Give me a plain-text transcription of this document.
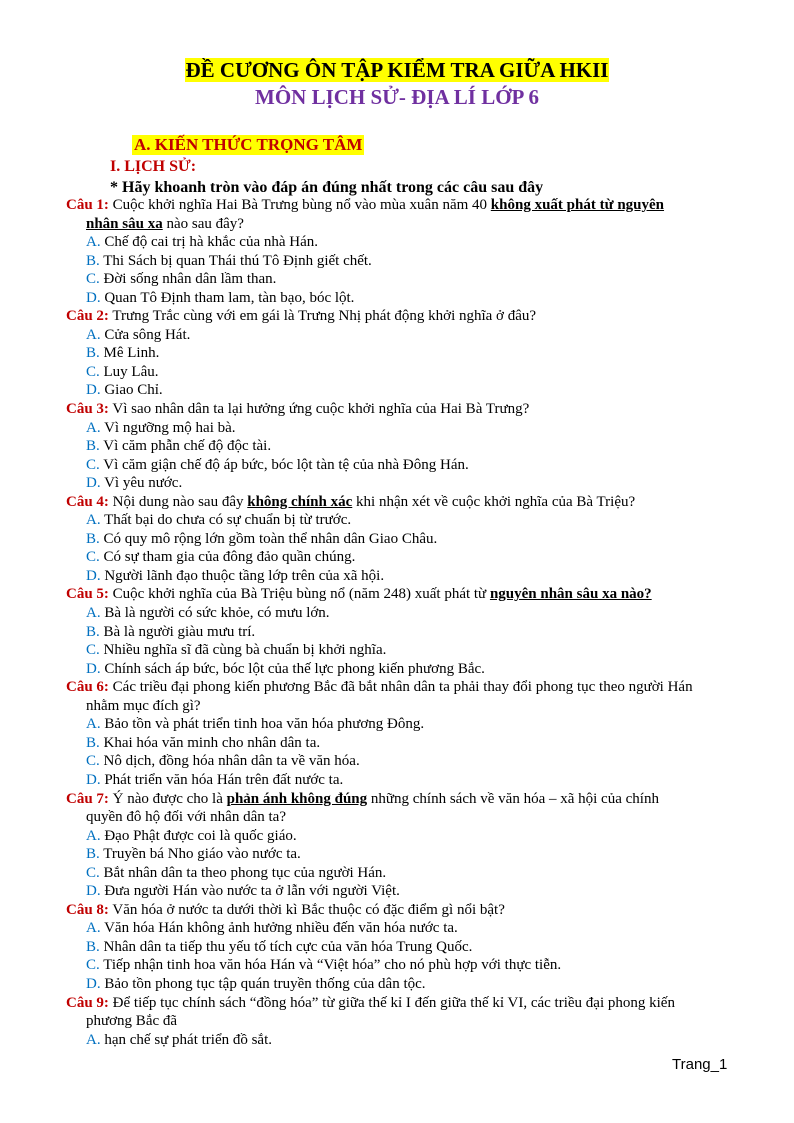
ĐỀ CƯƠNG ÔN TẬP KIỂM TRA GIỮA HKII
MÔN LỊCH SỬ- ĐỊA LÍ LỚP 6
A. KIẾN THỨC TRỌNG TÂM
I. LỊCH SỬ:
* Hãy khoanh tròn vào đáp án đúng nhất trong các câu sau đây

Câu 1: Cuộc khởi nghĩa Hai Bà Trưng bùng nổ vào mùa xuân năm 40 không xuất phát từ nguyên

nhân sâu xa nào sau đây?

A. Chế độ cai trị hà khắc của nhà Hán.

B. Thi Sách bị quan Thái thú Tô Định giết chết.

C. Đời sống nhân dân lầm than.

D. Quan Tô Định tham lam, tàn bạo, bóc lột.

Câu 2: Trưng Trắc cùng với em gái là Trưng Nhị phát động khởi nghĩa ở đâu?

A. Cửa sông Hát.

B. Mê Linh.

C. Luy Lâu.

D. Giao Chỉ.

Câu 3: Vì sao nhân dân ta lại hưởng ứng cuộc khởi nghĩa của Hai Bà Trưng?

A. Vì ngưỡng mộ hai bà.

B. Vì căm phẫn chế độ độc tài.

C. Vì căm giận chế độ áp bức, bóc lột tàn tệ của nhà Đông Hán.

D. Vì yêu nước.

Câu 4: Nội dung nào sau đây không chính xác khi nhận xét về cuộc khởi nghĩa của Bà Triệu?

A. Thất bại do chưa có sự chuẩn bị từ trước.

B. Có quy mô rộng lớn gồm toàn thể nhân dân Giao Châu.

C. Có sự tham gia của đông đảo quần chúng.

D. Người lãnh đạo thuộc tầng lớp trên của xã hội.

Câu 5: Cuộc khởi nghĩa của Bà Triệu bùng nổ (năm 248) xuất phát từ nguyên nhân sâu xa nào?

A. Bà là người có sức khỏe, có mưu lớn.

B. Bà là người giàu mưu trí.

C. Nhiều nghĩa sĩ đã cùng bà chuẩn bị khởi nghĩa.

D. Chính sách áp bức, bóc lột của thế lực phong kiến phương Bắc.

Câu 6: Các triều đại phong kiến phương Bắc đã bắt nhân dân ta phải thay đổi phong tục theo người Hán

nhằm mục đích gì?

A. Bảo tồn và phát triển tinh hoa văn hóa phương Đông.

B. Khai hóa văn minh cho nhân dân ta.

C. Nô dịch, đồng hóa nhân dân ta về văn hóa.

D. Phát triển văn hóa Hán trên đất nước ta.

Câu 7: Ý nào được cho là phản ánh không đúng những chính sách về văn hóa – xã hội của chính

quyền đô hộ đối với nhân dân ta?

A. Đạo Phật được coi là quốc giáo.

B. Truyền bá Nho giáo vào nước ta.

C. Bắt nhân dân ta theo phong tục của người Hán.

D. Đưa người Hán vào nước ta ở lẫn với người Việt.

Câu 8: Văn hóa ở nước ta dưới thời kì Bắc thuộc có đặc điểm gì nổi bật?

A. Văn hóa Hán không ảnh hưởng nhiều đến văn hóa nước ta.

B. Nhân dân ta tiếp thu yếu tố tích cực của văn hóa Trung Quốc.

C. Tiếp nhận tinh hoa văn hóa Hán và “Việt hóa” cho nó phù hợp với thực tiễn.

D. Bảo tồn phong tục tập quán truyền thống của dân tộc.

Câu 9: Để tiếp tục chính sách “đồng hóa” từ giữa thế kỉ I đến giữa thế kỉ VI, các triều đại phong kiến

phương Bắc đã

A. hạn chế sự phát triển đồ sắt.

Trang_1
